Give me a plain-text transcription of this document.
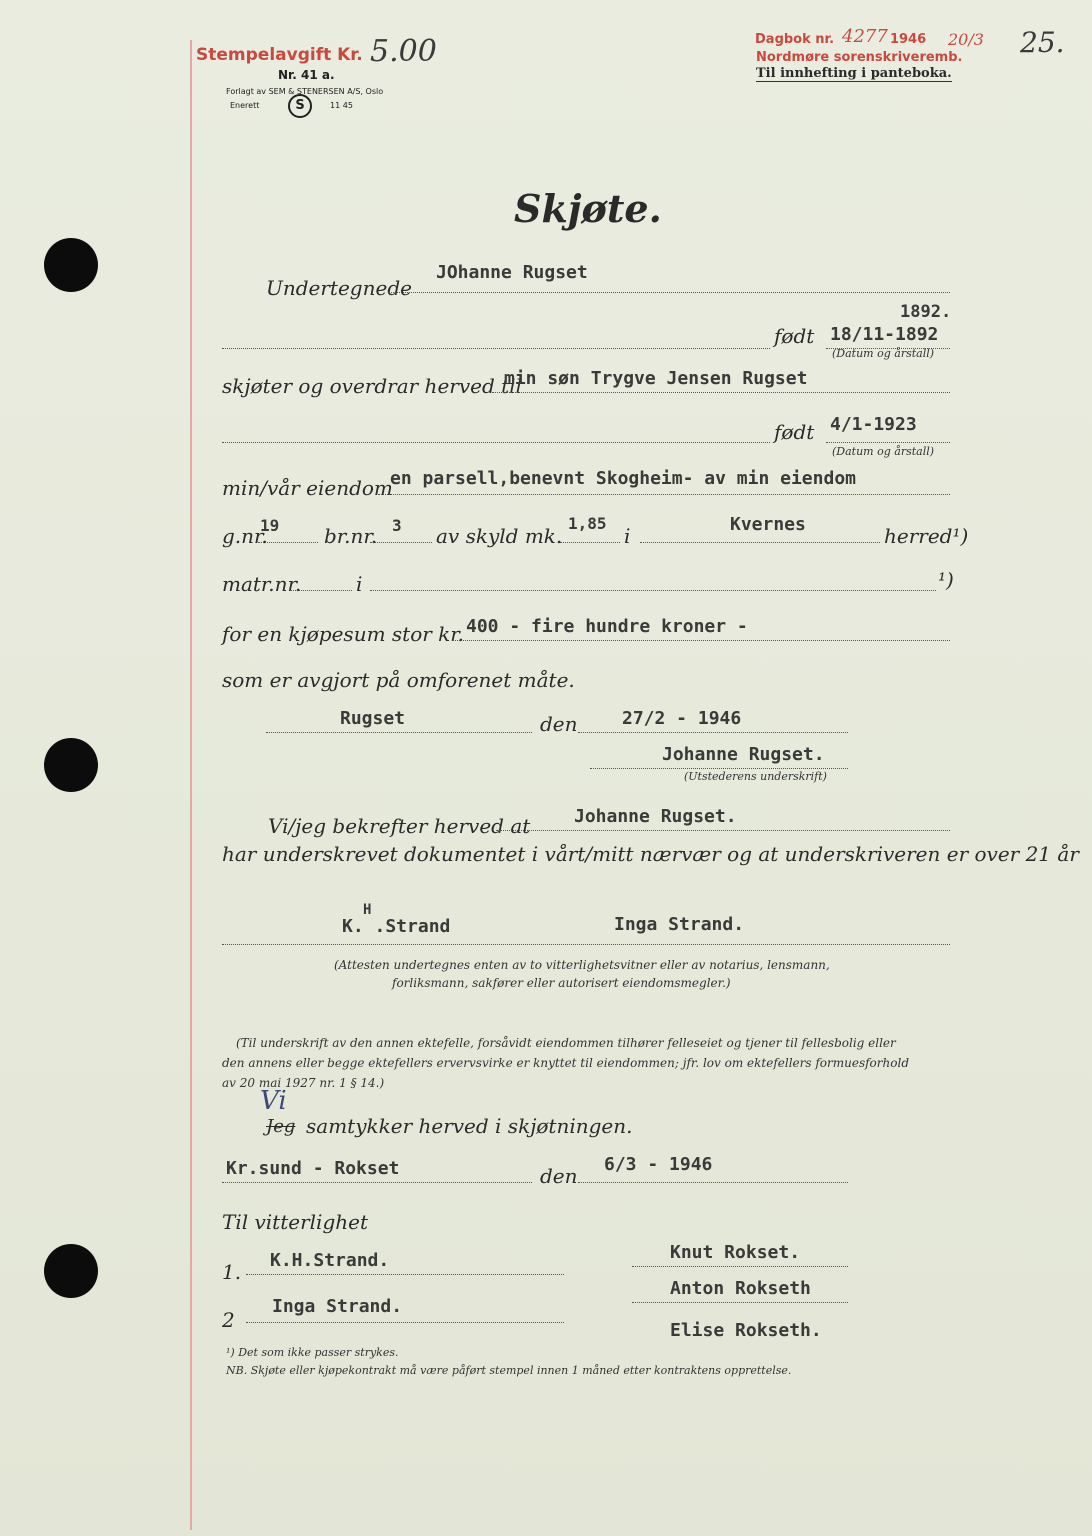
Stempelavgift Kr. 5.00
Nr. 41 a.
Forlagt av SEM & STENERSEN A/S, Oslo
Enerett	S	11 45
Dagbok nr. 4277 1946 20/3 25.
Nordmøre sorenskriveremb.
Til innhefting i panteboka.
Skjøte.
Undertegnede
JOhanne Rugset
født 18/11-1892
1892.
(Datum og årstall)
skjøter og overdrar herved til
min søn Trygve Jensen Rugset
født 4/1-1923
(Datum og årstall)
min/vår eiendom
en parsell,benevnt Skogheim- av min eiendom
g.nr.
19 br.nr. 3 av skyld mk.
1,85
i	Kvernes	herred¹)
matr.nr.	i	¹)
for en kjøpesum stor kr. 400 - fire hundre kroner -
som er avgjort på omforenet måte.
Rugset	den 27/2 - 1946
Johanne Rugset.
(Utstederens underskrift)
Vi/jeg bekrefter herved at Johanne Rugset.
har underskrevet dokumentet i vårt/mitt nærvær og at underskriveren er over 21 år
K. .Strand
H
Inga Strand.
(Attesten undertegnes enten av to vitterlighetsvitner eller av notarius, lensmann,
forliksmann, sakfører eller autorisert eiendomsmegler.)
(Til underskrift av den annen ektefelle, forsåvidt eiendommen tilhører felleseiet og tjener til fellesbolig eller
den annens eller begge ektefellers ervervsvirke er knyttet til eiendommen; jfr. lov om ektefellers formuesforhold
av 20 mai 1927 nr. 1 § 14.)
Vi
Jeg samtykker herved i skjøtningen.
Kr.sund - Rokset	den 6/3 - 1946
Til vitterlighet
1. K.H.Strand.
2
Inga Strand.
Knut Rokset.
Anton Rokseth
Elise Rokseth.
¹) Det som ikke passer strykes.
NB. Skjøte eller kjøpekontrakt må være påført stempel innen 1 måned etter kontraktens opprettelse.
